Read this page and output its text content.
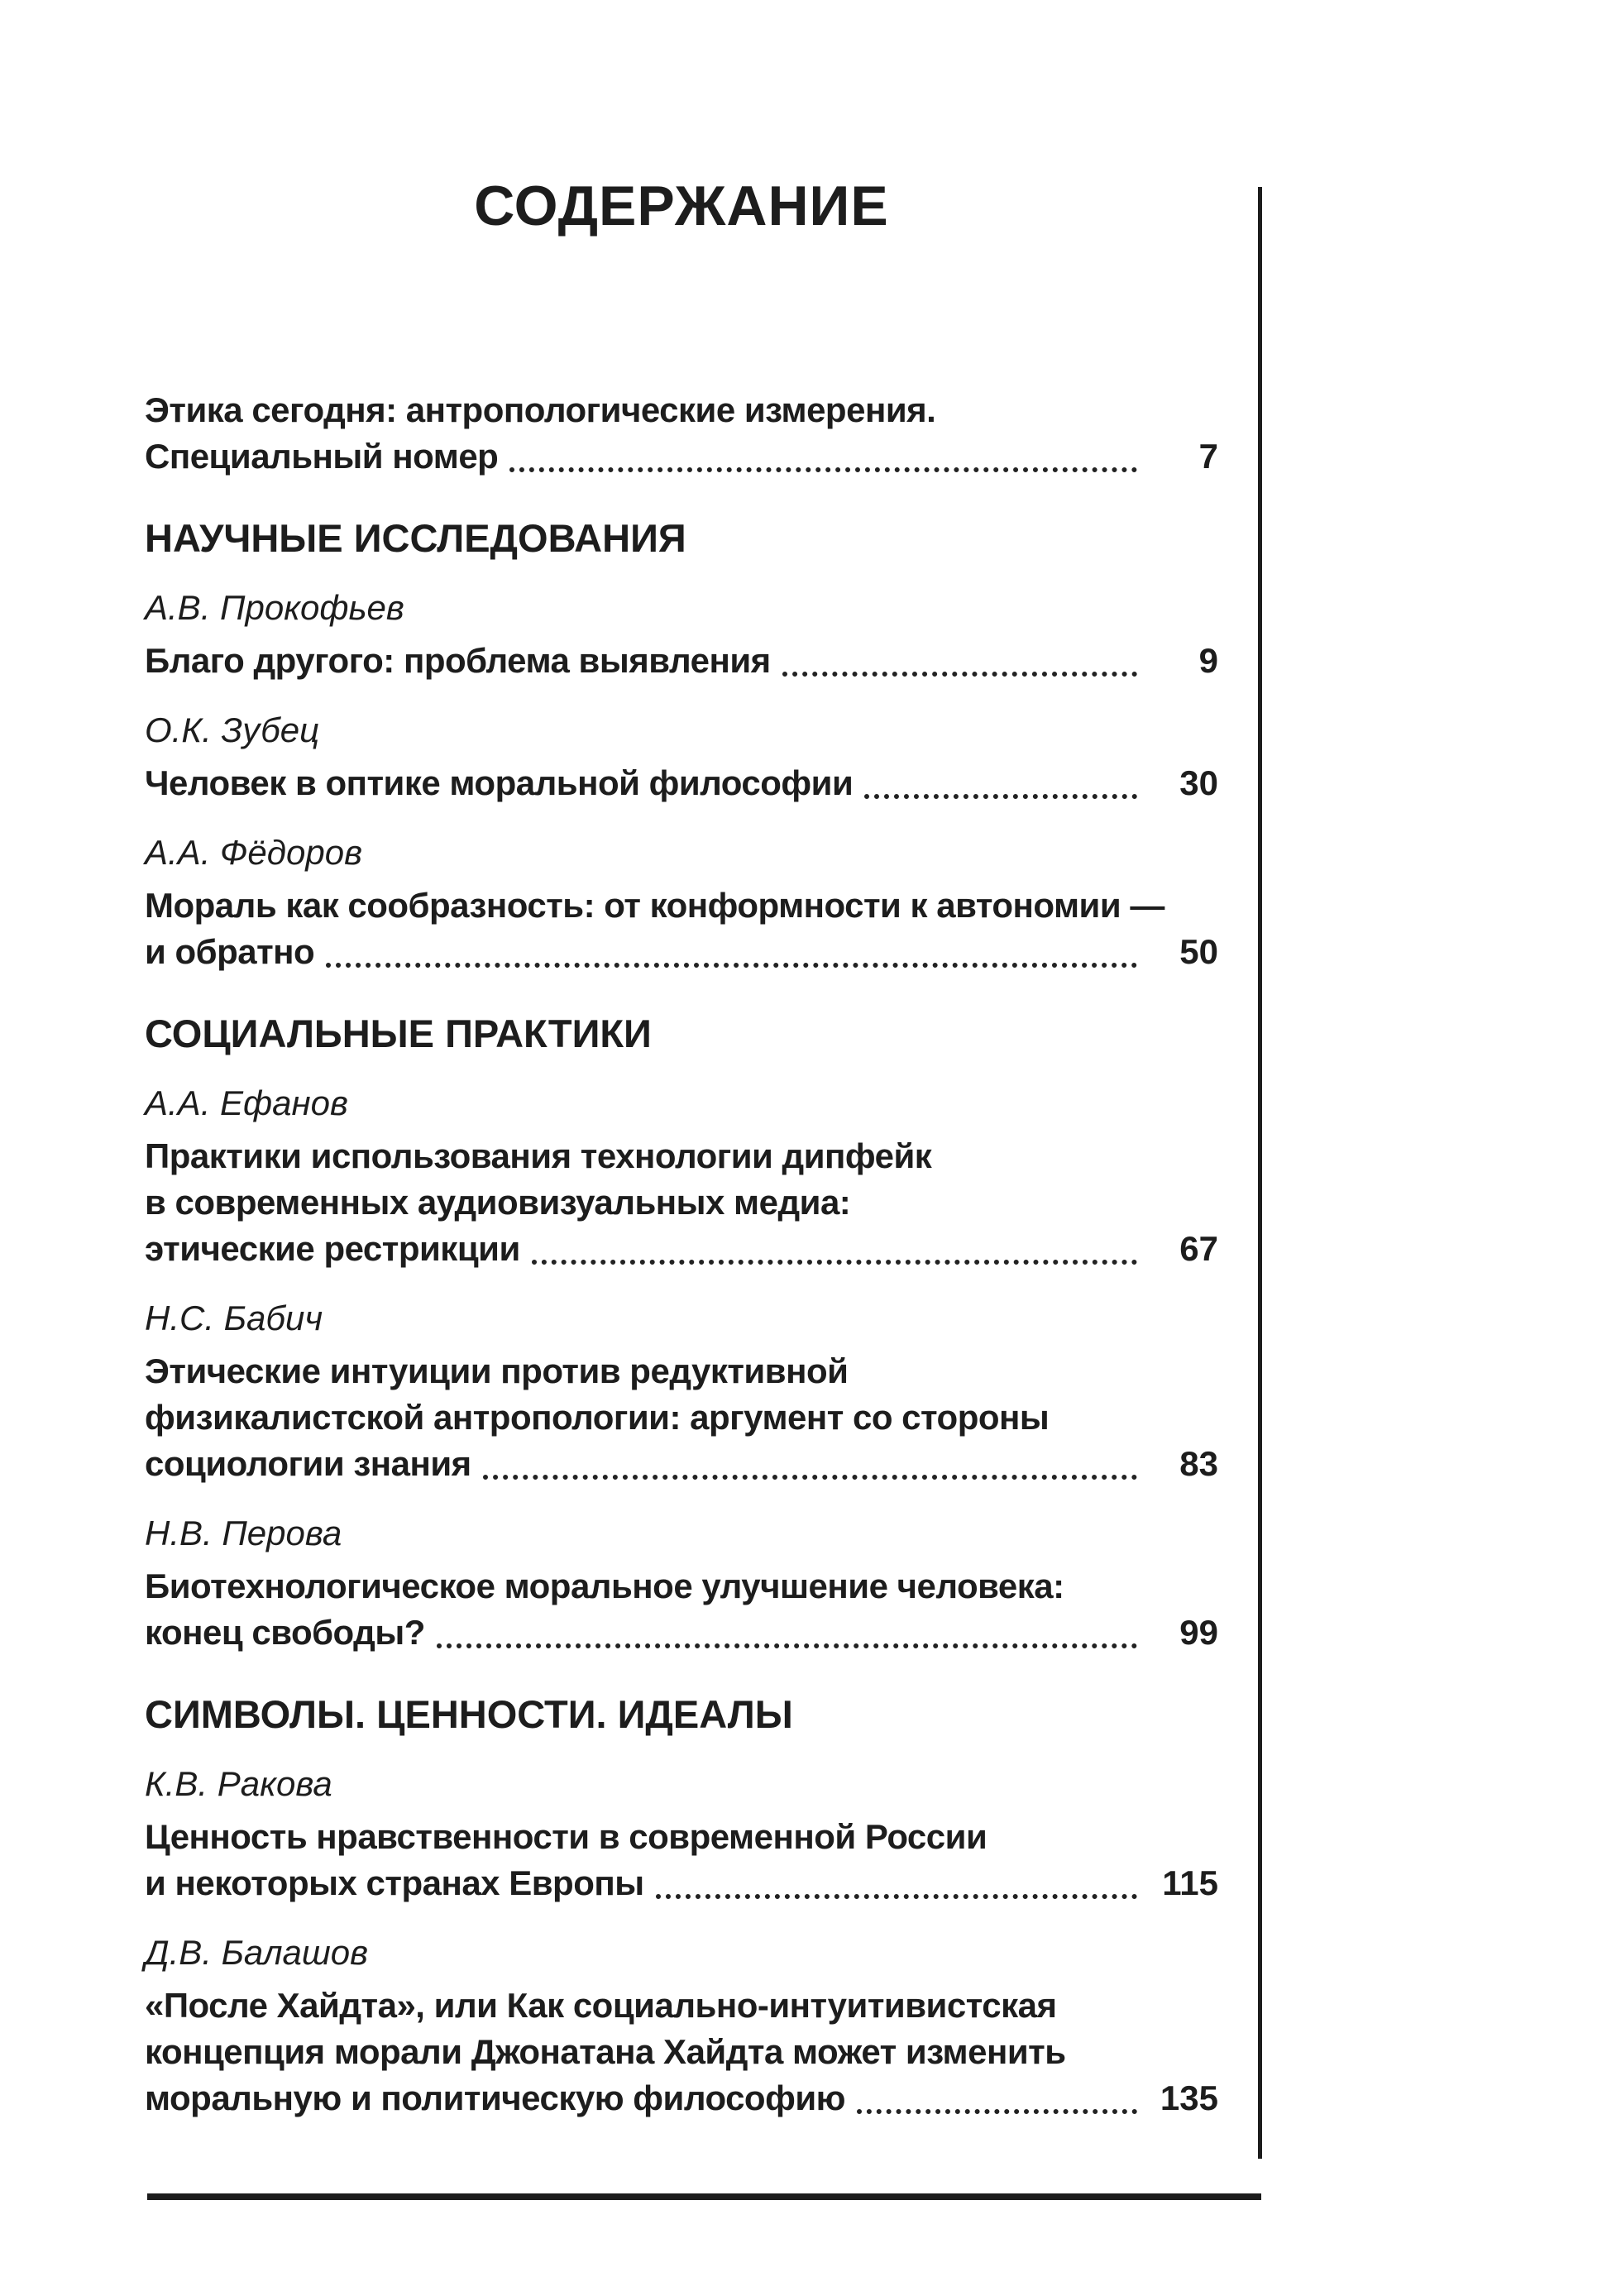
СОДЕРЖАНИЕ
Этика сегодня: антропологические измерения.
Специальный номер	7
НАУЧНЫЕ ИССЛЕДОВАНИЯ
А.В. Прокофьев
Благо другого: проблема выявления	9
О.К. Зубец
Человек в оптике моральной философии	30
А.А. Фёдоров
Мораль как сообразность: от конформности к автономии —
и обратно	50
СОЦИАЛЬНЫЕ ПРАКТИКИ
А.А. Ефанов
Практики использования технологии дипфейк
в современных аудиовизуальных медиа:
этические рестрикции	67
Н.С. Бабич
Этические интуиции против редуктивной
физикалистской антропологии: аргумент со стороны
социологии знания	83
Н.В. Перова
Биотехнологическое моральное улучшение человека:
конец свободы?	99
СИМВОЛЫ. ЦЕННОСТИ. ИДЕАЛЫ
К.В. Ракова
Ценность нравственности в современной России
и некоторых странах Европы	115
Д.В. Балашов
«После Хайдта», или Как социально-интуитивистская
концепция морали Джонатана Хайдта может изменить
моральную и политическую философию	135
